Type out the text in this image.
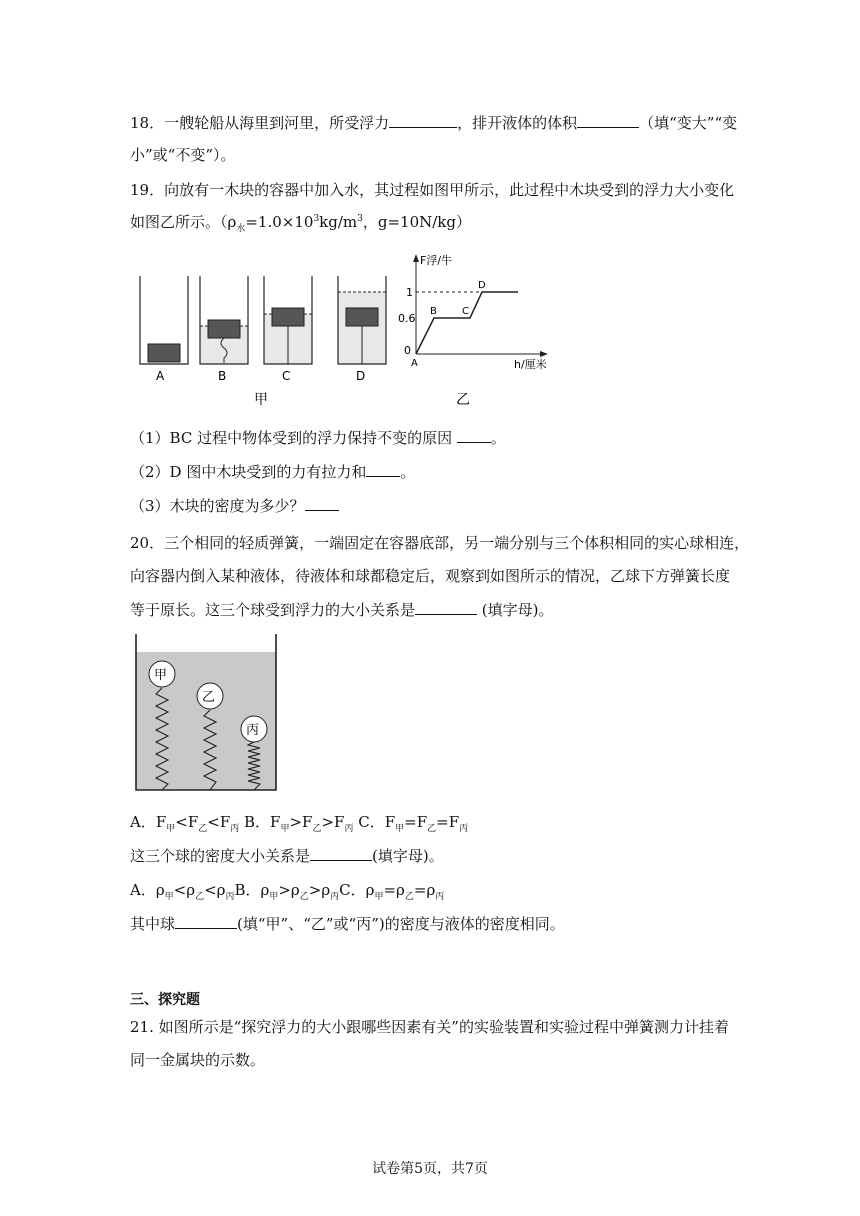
18．一艘轮船从海里到河里，所受浮力	，排开液体的体积	（填“变大”“变
小”或“不变”）。
19．向放有一木块的容器中加入水，其过程如图甲所示，此过程中木块受到的浮力大小变化
如图乙所示。（$\rho_水=1.0\times 10^3kg/m^3$，g=10N/kg）
A	B	C	D
甲
F浮/牛
h/厘米
1
0.6
0
A
B	C
D
乙
（1）BC 过程中物体受到的浮力保持不变的原因	。
（2）D 图中木块受到的力有拉力和 。
（3）木块的密度为多少？
20．三个相同的轻质弹簧，一端固定在容器底部，另一端分别与三个体积相同的实心球相连，
向容器内倒入某种液体，待液体和球都稳定后，观察到如图所示的情况，乙球下方弹簧长度
等于原长。这三个球受到浮力的大小关系是	(填字母)。
甲
乙
丙
A．$F_甲<F_乙<F_丙$ B．$F_甲>F_乙>F_丙$ C．$F_甲=F_乙=F_丙$
这三个球的密度大小关系是	(填字母)。
A．$\rho_甲<\rho_乙<\rho_丙B$．$\rho_甲>\rho_乙>\rho_丙C$．$\rho_甲=\rho_乙=\rho_丙$
其中球	(填“甲”、“乙”或“丙”)的密度与液体的密度相同。
三、探究题
21. 如图所示是“探究浮力的大小跟哪些因素有关”的实验装置和实验过程中弹簧测力计挂着
同一金属块的示数。
试卷第5页，共7页
